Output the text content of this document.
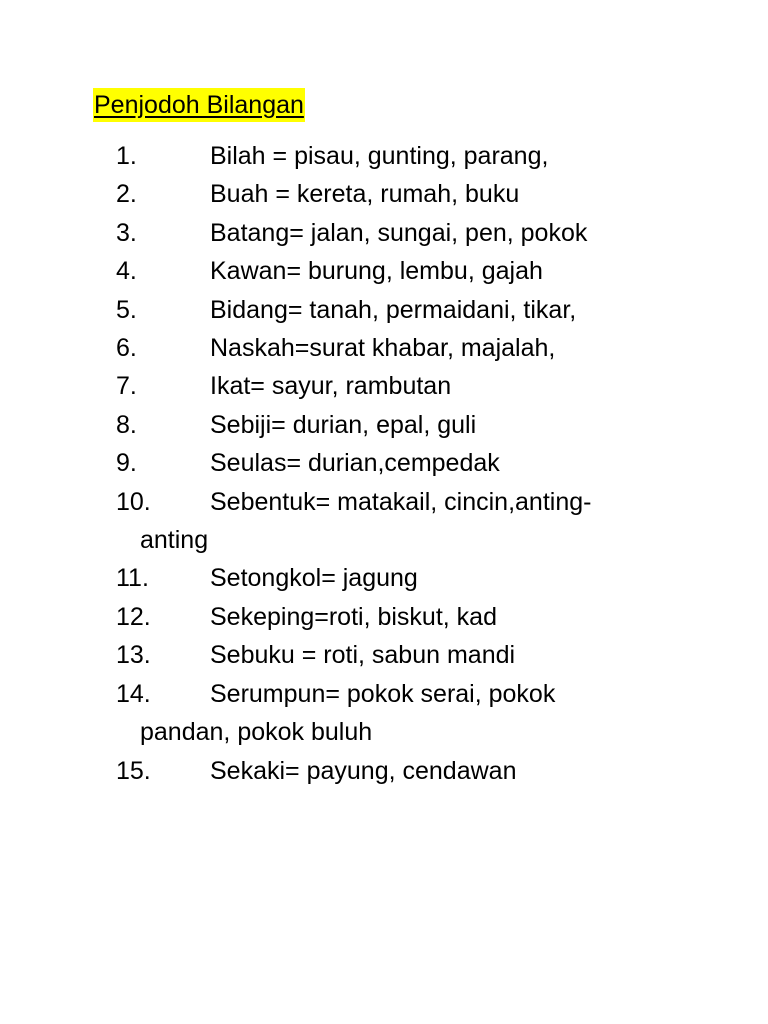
Penjodoh Bilangan
1.	Bilah = pisau, gunting, parang,
2.	Buah = kereta, rumah, buku
3.	Batang= jalan, sungai, pen, pokok
4.	Kawan= burung, lembu, gajah
5.	Bidang= tanah, permaidani, tikar,
6.	Naskah=surat khabar, majalah,
7.	Ikat= sayur, rambutan
8.	Sebiji= durian, epal, guli
9.	Seulas= durian,cempedak
10.	Sebentuk= matakail, cincin,anting-anting
11.	Setongkol= jagung
12.	Sekeping=roti, biskut, kad
13.	Sebuku = roti, sabun mandi
14.	Serumpun= pokok serai, pokok pandan, pokok buluh
15.	Sekaki= payung, cendawan
